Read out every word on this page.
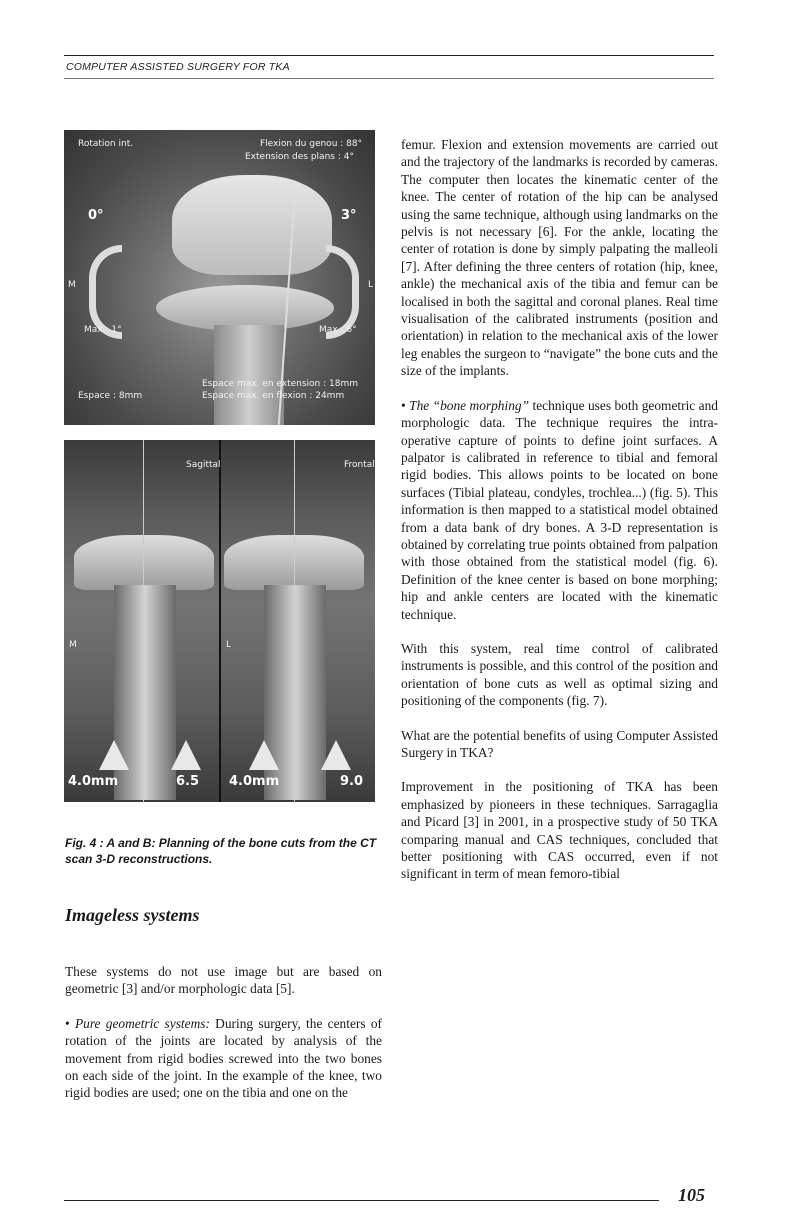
COMPUTER ASSISTED SURGERY FOR TKA
Rotation int.	Flexion du genou : 88°
Extension des plans : 4°
0°	3°
M	L
Max : 1°	Max : 6°
Espace : 8mm
Espace max. en extension : 18mm
Espace max. en flexion : 24mm
Sagittal	Frontal
M	L
4.0mm	6.5 4.0mm	9.0

Fig. 4 : A and B: Planning of the bone cuts from the CT scan 3-D reconstructions.

Imageless systems

These systems do not use image but are based on geometric [3] and/or morphologic data [5].

• Pure geometric systems: During surgery, the centers of rotation of the joints are located by analysis of the movement from rigid bodies screwed into the two bones on each side of the joint. In the example of the knee, two rigid bodies are used; one on the tibia and one on the

femur. Flexion and extension movements are carried out and the trajectory of the landmarks is recorded by cameras. The computer then locates the kinematic center of the knee. The center of rotation of the hip can be analysed using the same technique, although using landmarks on the pelvis is not necessary [6]. For the ankle, locating the center of rotation is done by simply palpating the malleoli [7]. After defining the three centers of rotation (hip, knee, ankle) the mechanical axis of the tibia and femur can be localised in both the sagittal and coronal planes. Real time visualisation of the calibrated instruments (position and orientation) in relation to the mechanical axis of the lower leg enables the surgeon to “navigate” the bone cuts and the size of the implants.

• The “bone morphing” technique uses both geometric and morphologic data. The technique requires the intra-operative capture of points to define joint surfaces. A palpator is calibrated in reference to tibial and femoral rigid bodies. This allows points to be located on bone surfaces (Tibial plateau, condyles, trochlea...) (fig. 5). This information is then mapped to a statistical model obtained from a data bank of dry bones. A 3-D representation is obtained by correlating true points obtained from palpation with those obtained from the statistical model (fig. 6). Definition of the knee center is based on bone morphing; hip and ankle centers are located with the kinematic technique.

With this system, real time control of calibrated instruments is possible, and this control of the position and orientation of bone cuts as well as optimal sizing and positioning of the components (fig. 7).

What are the potential benefits of using Computer Assisted Surgery in TKA?

Improvement in the positioning of TKA has been emphasized by pioneers in these techniques. Sarragaglia and Picard [3] in 2001, in a prospective study of 50 TKA comparing manual and CAS techniques, concluded that better positioning with CAS occurred, even if not significant in term of mean femoro-tibial

105
